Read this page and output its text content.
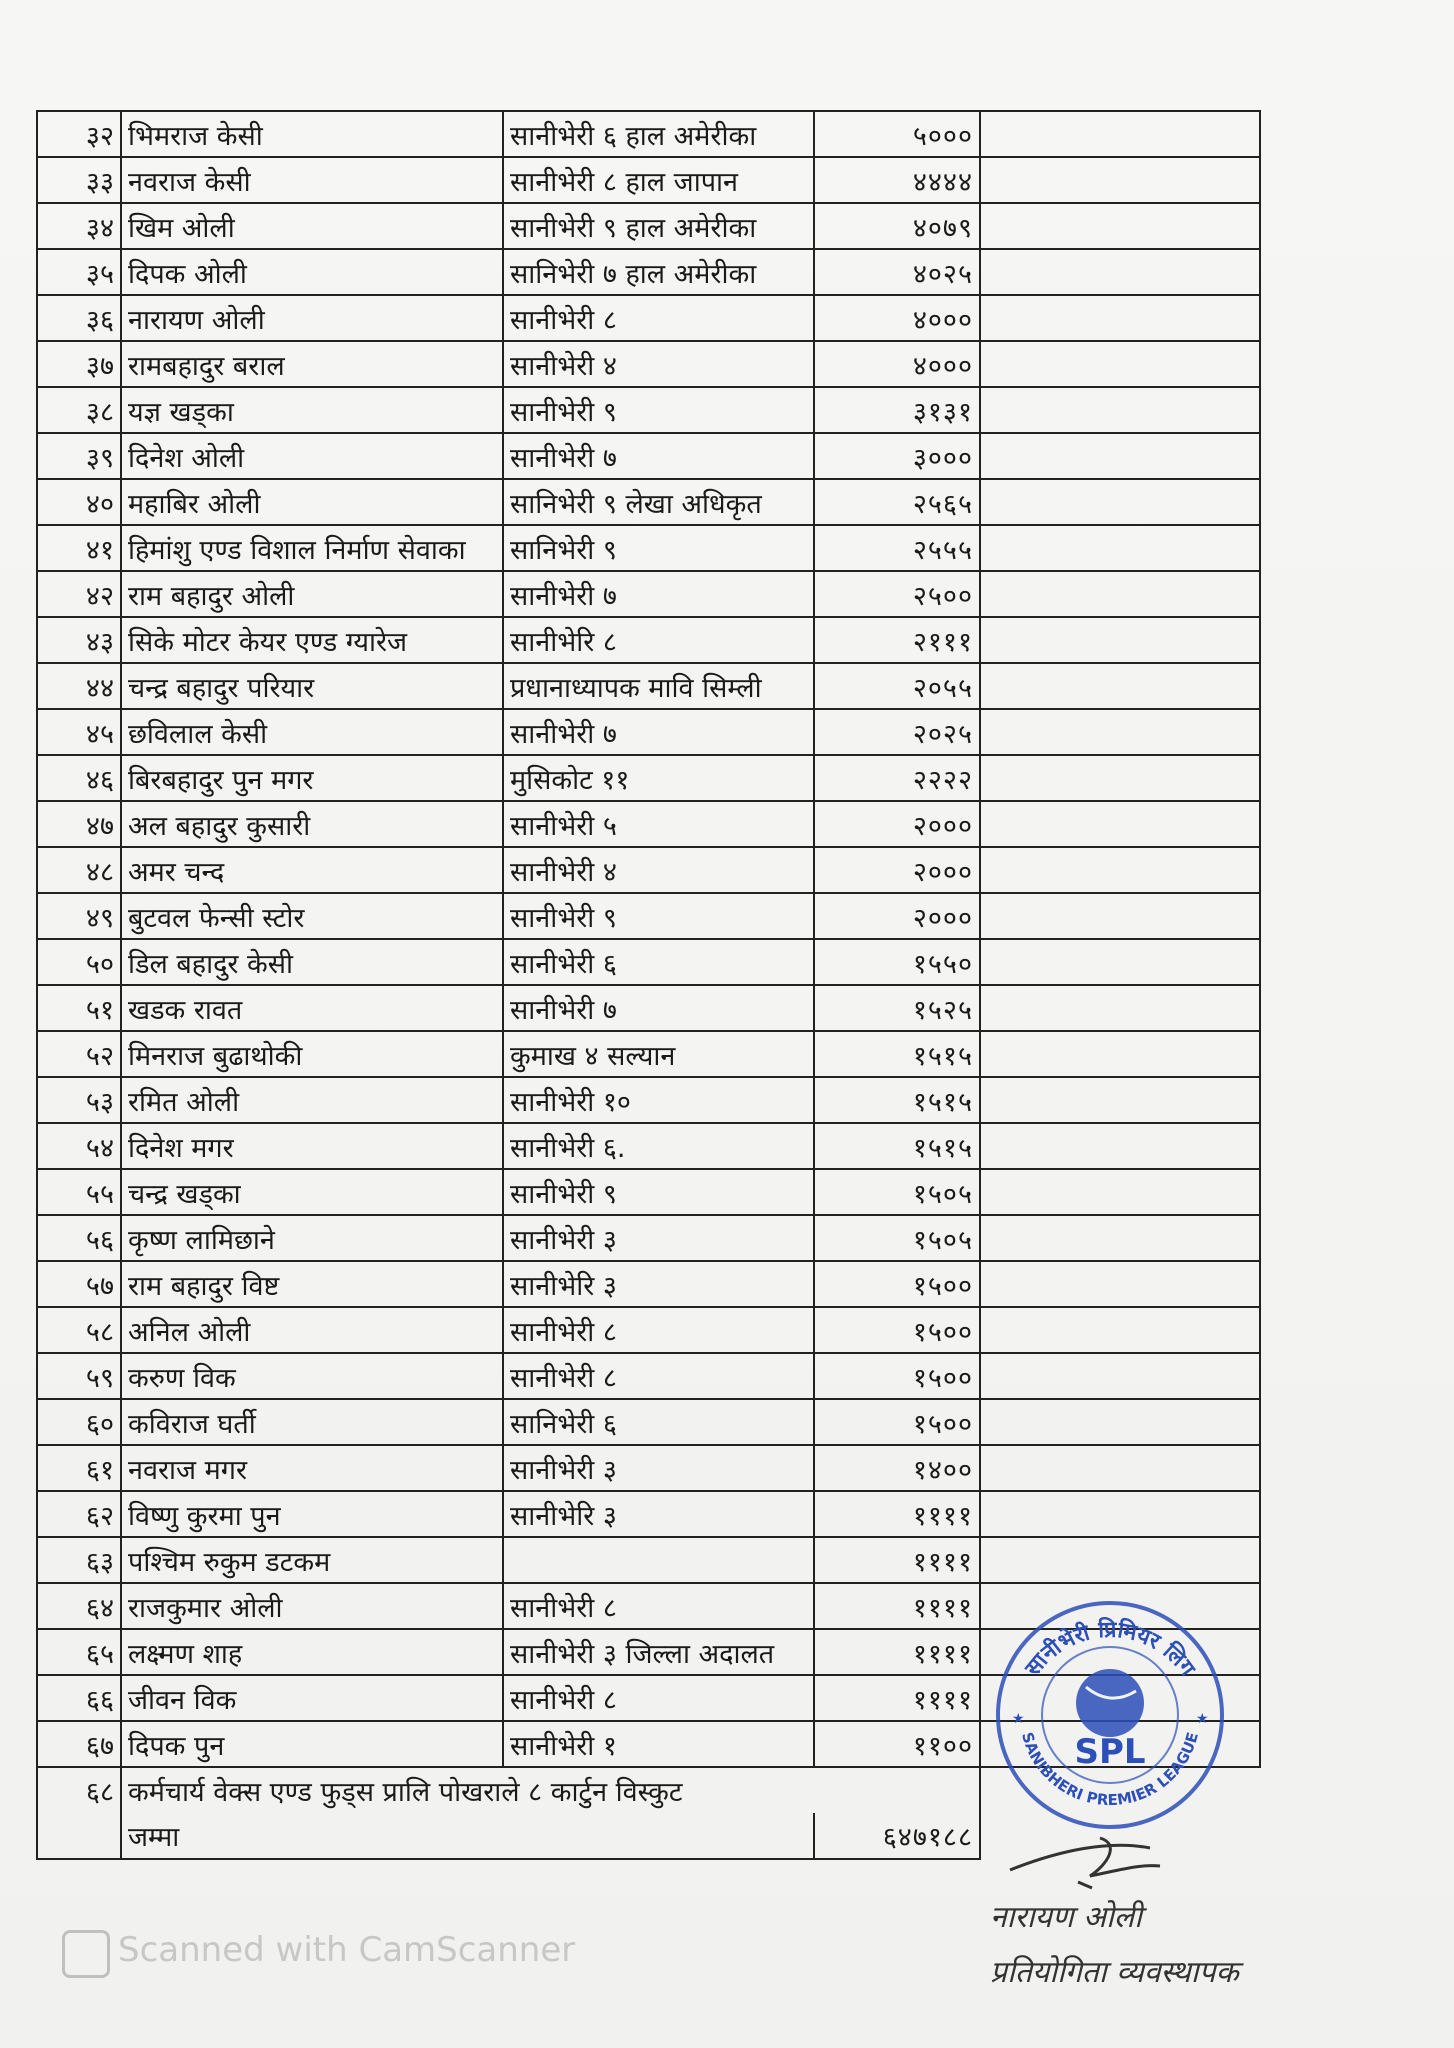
३२	भिमराज केसी	सानीभेरी ६ हाल अमेरीका	५०००	
३३	नवराज केसी	सानीभेरी ८ हाल जापान	४४४४	
३४	खिम ओली	सानीभेरी ९ हाल अमेरीका	४०७९	
३५	दिपक ओली	सानिभेरी ७ हाल अमेरीका	४०२५	
३६	नारायण ओली	सानीभेरी ८	४०००	
३७	रामबहादुर बराल	सानीभेरी ४	४०००	
३८	यज्ञ खड्का	सानीभेरी ९	३१३१	
३९	दिनेश ओली	सानीभेरी ७	३०००	
४०	महाबिर ओली	सानिभेरी ९ लेखा अधिकृत	२५६५	
४१	हिमांशु एण्ड विशाल निर्माण सेवाका	सानिभेरी ९	२५५५	
४२	राम बहादुर ओली	सानीभेरी ७	२५००	
४३	सिके मोटर केयर एण्ड ग्यारेज	सानीभेरि ८	२१११	
४४	चन्द्र बहादुर परियार	प्रधानाध्यापक मावि सिम्ली	२०५५	
४५	छविलाल केसी	सानीभेरी ७	२०२५	
४६	बिरबहादुर पुन मगर	मुसिकोट ११	२२२२	
४७	अल बहादुर कुसारी	सानीभेरी ५	२०००	
४८	अमर चन्द	सानीभेरी ४	२०००	
४९	बुटवल फेन्सी स्टोर	सानीभेरी ९	२०००	
५०	डिल बहादुर केसी	सानीभेरी ६	१५५०	
५१	खडक रावत	सानीभेरी ७	१५२५	
५२	मिनराज बुढाथोकी	कुमाख ४ सल्यान	१५१५	
५३	रमित ओली	सानीभेरी १०	१५१५	
५४	दिनेश मगर	सानीभेरी ६.	१५१५	
५५	चन्द्र खड्का	सानीभेरी ९	१५०५	
५६	कृष्ण लामिछाने	सानीभेरी ३	१५०५	
५७	राम बहादुर विष्ट	सानीभेरि ३	१५००	
५८	अनिल ओली	सानीभेरी ८	१५००	
५९	करुण विक	सानीभेरी ८	१५००	
६०	कविराज घर्ती	सानिभेरी ६	१५००	
६१	नवराज मगर	सानीभेरी ३	१४००	
६२	विष्णु कुरमा पुन	सानीभेरि ३	११११	
६३	पश्चिम रुकुम डटकम		११११	
६४	राजकुमार ओली	सानीभेरी ८	११११	
६५	लक्ष्मण शाह	सानीभेरी ३ जिल्ला अदालत	११११	
६६	जीवन विक	सानीभेरी ८	११११	
६७	दिपक पुन	सानीभेरी १	११००	
६८	कर्मचार्य वेक्स एण्ड फुड्स प्रालि पोखराले ८ कार्टुन विस्कुट			
	जम्मा		६४७१८८	
सानीभेरी प्रिमियर लिग
SANIBHERI PREMIER LEAGUE
SPL
★	★
नारायण ओली
प्रतियोगिता व्यवस्थापक
Scanned with CamScanner
